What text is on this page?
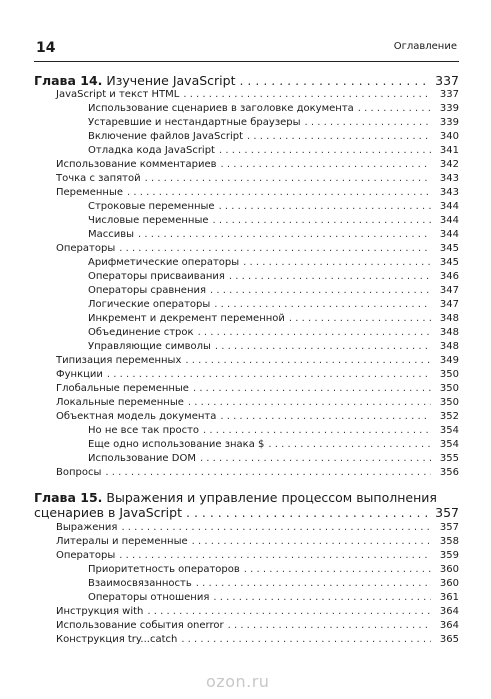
14	Оглавление
Глава 14. Изучение JavaScript . . .	337
JavaScript и текст HTML . . .	337
Использование сценариев в заголовке документа . . .	339
Устаревшие и нестандартные браузеры . . .	339
Включение файлов JavaScript . . .	340
Отладка кода JavaScript . . .	341
Использование комментариев . . .	342
Точка с запятой . . .	343
Переменные . . .	343
Строковые переменные . . .	344
Числовые переменные . . .	344
Массивы . . .	344
Операторы . . .	345
Арифметические операторы . . .	345
Операторы присваивания . . .	346
Операторы сравнения . . .	347
Логические операторы . . .	347
Инкремент и декремент переменной . . .	348
Объединение строк . . .	348
Управляющие символы . . .	348
Типизация переменных . . .	349
Функции . . .	350
Глобальные переменные . . .	350
Локальные переменные . . .	350
Объектная модель документа . . .	352
Но не все так просто . . .	354
Еще одно использование знака $ . . .	354
Использование DOM . . .	355
Вопросы . . .	356
Глава 15. Выражения и управление процессом выполнения
сценариев в JavaScript . . .	357
Выражения . . .	357
Литералы и переменные . . .	358
Операторы . . .	359
Приоритетность операторов . . .	360
Взаимосвязанность . . .	360
Операторы отношения . . .	361
Инструкция with . . .	364
Использование события onerror . . .	364
Конструкция try...catch . . .	365
ozon.ru
